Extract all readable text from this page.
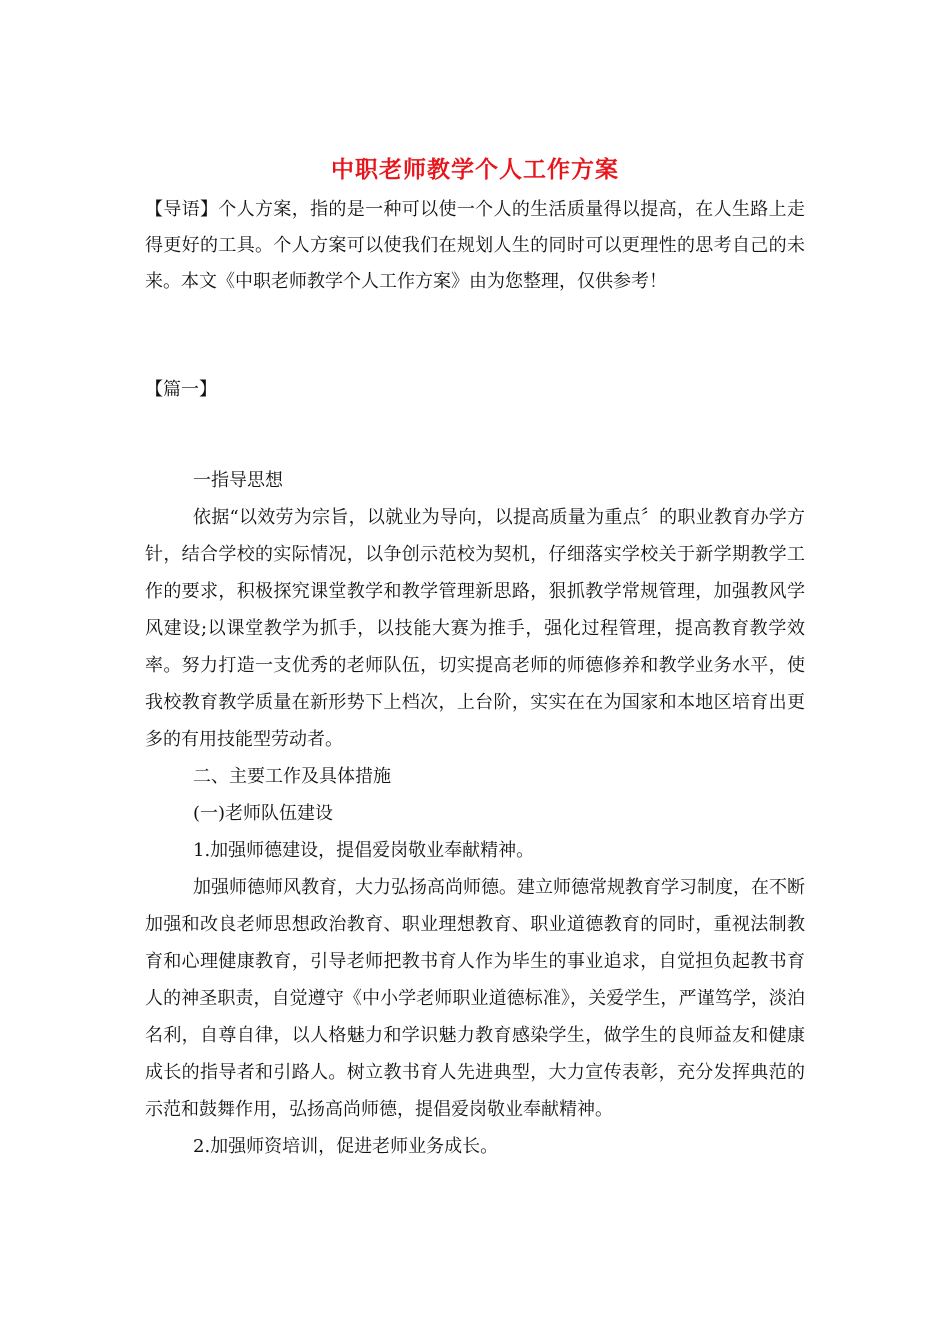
中职老师教学个人工作方案

【导语】个人方案，指的是一种可以使一个人的生活质量得以提高，在人生路上走得更好的工具。个人方案可以使我们在规划人生的同时可以更理性的思考自己的未来。本文《中职老师教学个人工作方案》由为您整理，仅供参考！

【篇一】

一指导思想

依据“以效劳为宗旨，以就业为导向，以提高质量为重点〞的职业教育办学方针，结合学校的实际情况，以争创示范校为契机，仔细落实学校关于新学期教学工作的要求，积极探究课堂教学和教学管理新思路，狠抓教学常规管理，加强教风学风建设;以课堂教学为抓手，以技能大赛为推手，强化过程管理，提高教育教学效率。努力打造一支优秀的老师队伍，切实提高老师的师德修养和教学业务水平，使我校教育教学质量在新形势下上档次，上台阶，实实在在为国家和本地区培育出更多的有用技能型劳动者。

二、主要工作及具体措施

(一)老师队伍建设

1.加强师德建设，提倡爱岗敬业奉献精神。

加强师德师风教育，大力弘扬高尚师德。建立师德常规教育学习制度，在不断加强和改良老师思想政治教育、职业理想教育、职业道德教育的同时，重视法制教育和心理健康教育，引导老师把教书育人作为毕生的事业追求，自觉担负起教书育人的神圣职责，自觉遵守《中小学老师职业道德标准》，关爱学生，严谨笃学，淡泊名利，自尊自律，以人格魅力和学识魅力教育感染学生，做学生的良师益友和健康成长的指导者和引路人。树立教书育人先进典型，大力宣传表彰，充分发挥典范的示范和鼓舞作用，弘扬高尚师德，提倡爱岗敬业奉献精神。

2.加强师资培训，促进老师业务成长。
